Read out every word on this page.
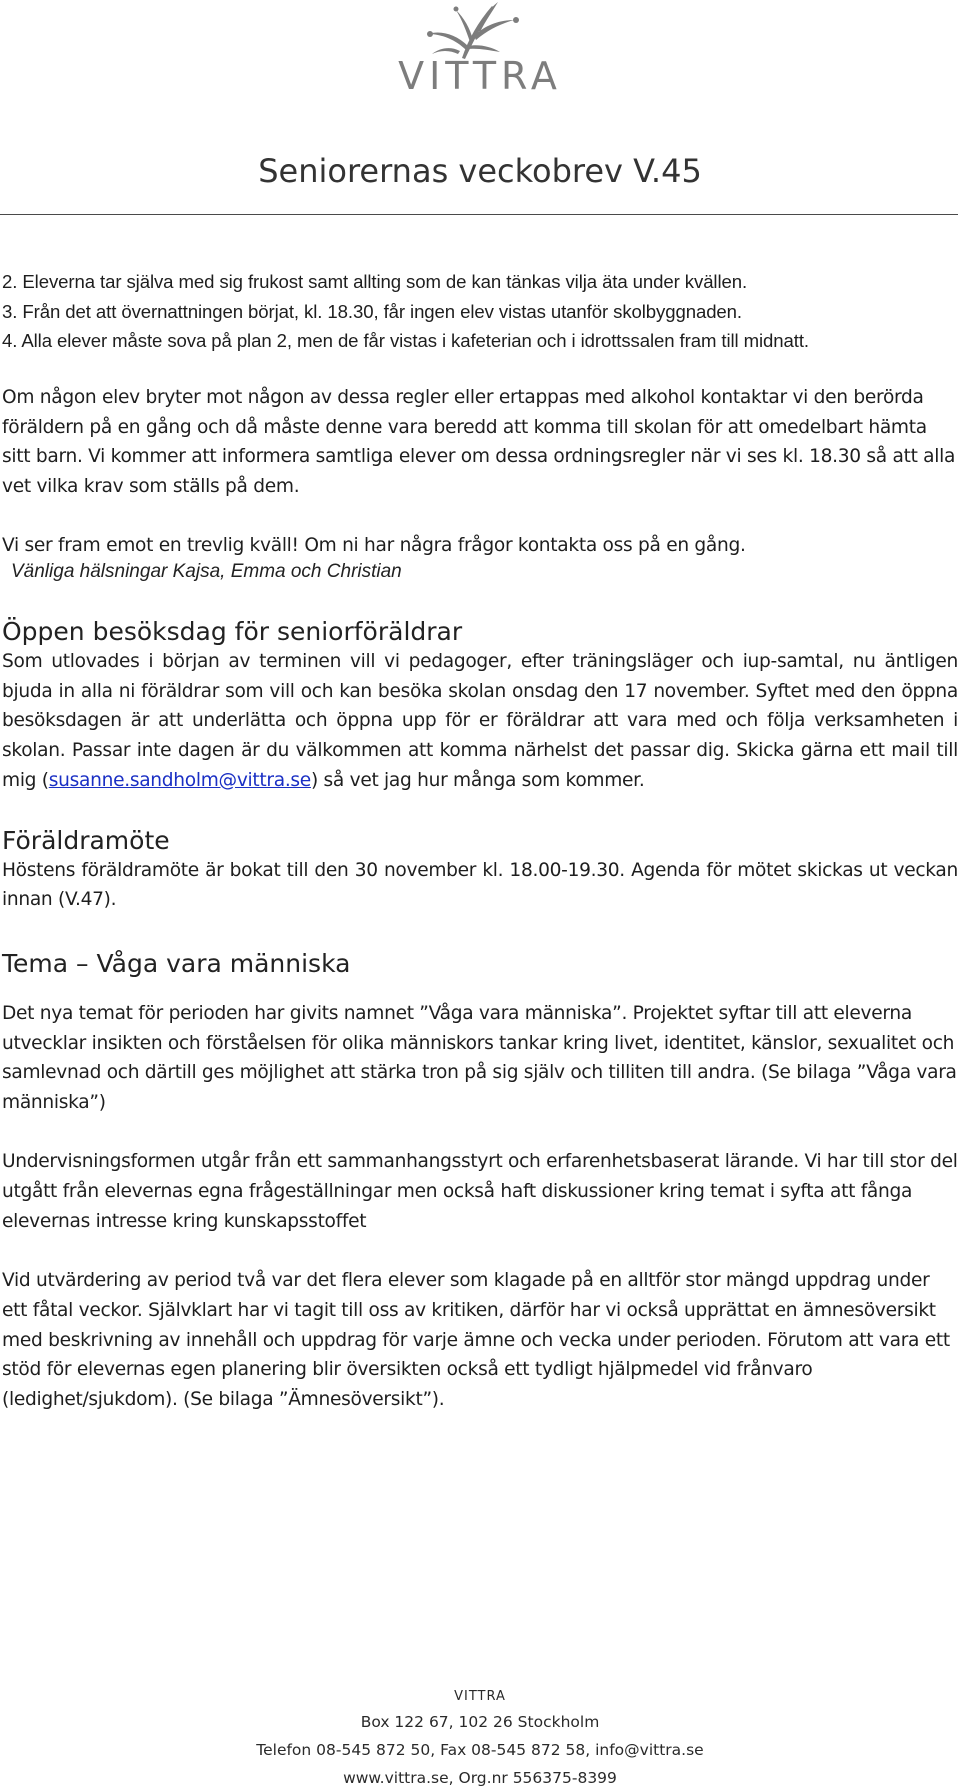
VITTRA
Seniorernas veckobrev V.45

2. Eleverna tar själva med sig frukost samt allting som de kan tänkas vilja äta under kvällen.

3. Från det att övernattningen börjat, kl. 18.30, får ingen elev vistas utanför skolbyggnaden.

4. Alla elever måste sova på plan 2, men de får vistas i kafeterian och i idrottssalen fram till midnatt.

Om någon elev bryter mot någon av dessa regler eller ertappas med alkohol kontaktar vi den berörda föräldern på en gång och då måste denne vara beredd att komma till skolan för att omedelbart hämta sitt barn. Vi kommer att informera samtliga elever om dessa ordningsregler när vi ses kl. 18.30 så att alla vet vilka krav som ställs på dem.

Vi ser fram emot en trevlig kväll! Om ni har några frågor kontakta oss på en gång.

Vänliga hälsningar Kajsa, Emma och Christian

Öppen besöksdag för seniorföräldrar

Som utlovades i början av terminen vill vi pedagoger, efter träningsläger och iup-samtal, nu äntligen bjuda in alla ni föräldrar som vill och kan besöka skolan onsdag den 17 november. Syftet med den öppna besöksdagen är att underlätta och öppna upp för er föräldrar att vara med och följa verksamheten i skolan. Passar inte dagen är du välkommen att komma närhelst det passar dig. Skicka gärna ett mail till mig (susanne.sandholm@vittra.se) så vet jag hur många som kommer.

Föräldramöte

Höstens föräldramöte är bokat till den 30 november kl. 18.00-19.30. Agenda för mötet skickas ut veckan innan (V.47).

Tema – Våga vara människa

Det nya temat för perioden har givits namnet ”Våga vara människa”. Projektet syftar till att eleverna utvecklar insikten och förståelsen för olika människors tankar kring livet, identitet, känslor, sexualitet och samlevnad och därtill ges möjlighet att stärka tron på sig själv och tilliten till andra. (Se bilaga ”Våga vara människa”)

Undervisningsformen utgår från ett sammanhangsstyrt och erfarenhetsbaserat lärande. Vi har till stor del utgått från elevernas egna frågeställningar men också haft diskussioner kring temat i syfta att fånga elevernas intresse kring kunskapsstoffet

Vid utvärdering av period två var det flera elever som klagade på en alltför stor mängd uppdrag under ett fåtal veckor. Självklart har vi tagit till oss av kritiken, därför har vi också upprättat en ämnesöversikt med beskrivning av innehåll och uppdrag för varje ämne och vecka under perioden. Förutom att vara ett stöd för elevernas egen planering blir översikten också ett tydligt hjälpmedel vid frånvaro (ledighet/sjukdom). (Se bilaga ”Ämnesöversikt”).

VITTRA
Box 122 67, 102 26 Stockholm
Telefon 08-545 872 50, Fax 08-545 872 58, info@vittra.se
www.vittra.se, Org.nr 556375-8399
